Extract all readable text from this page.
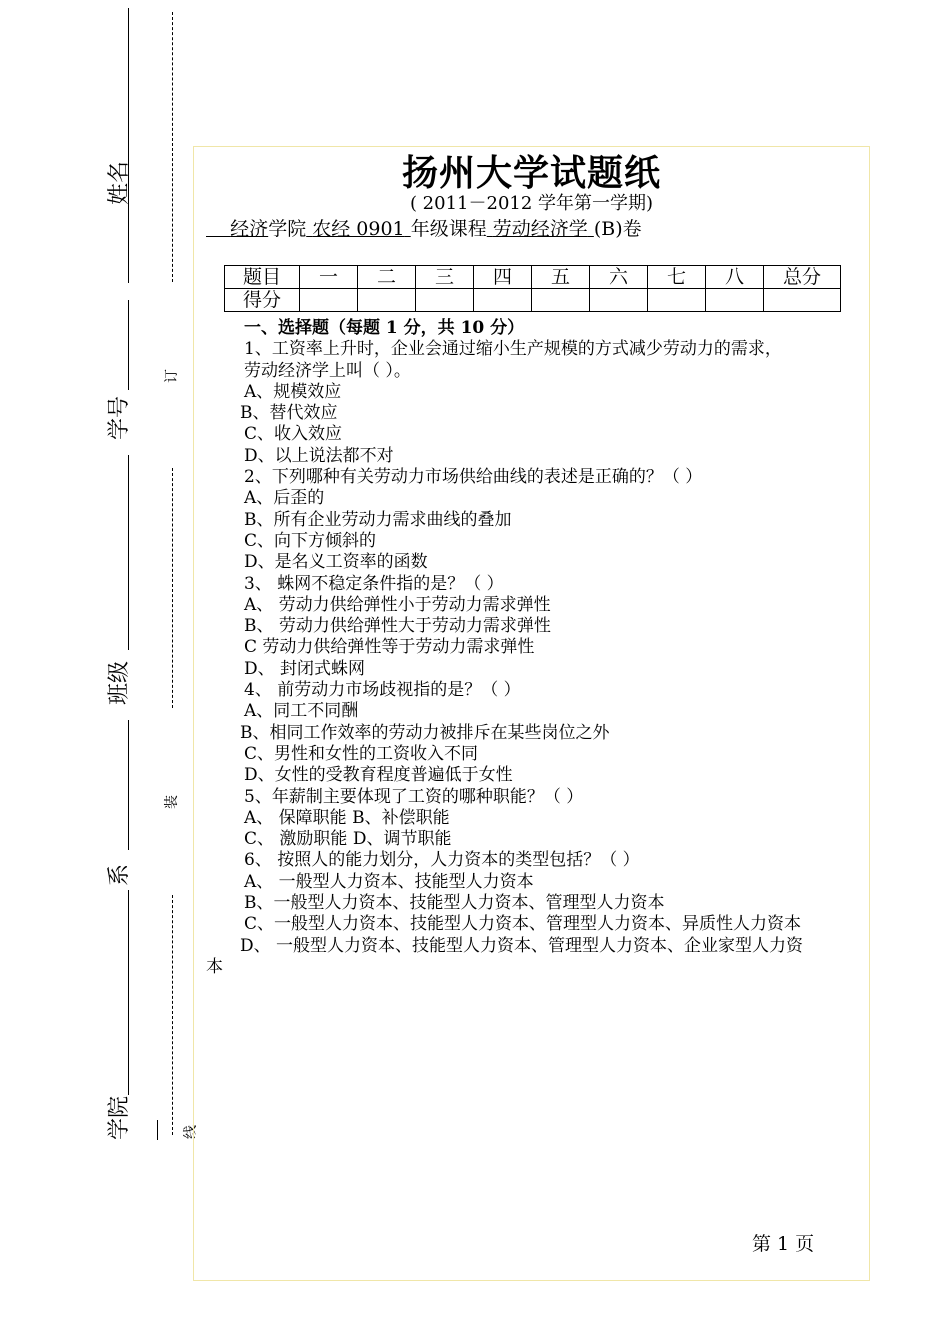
姓名
学号
订
班级
装
系
学院	线
扬州大学试题纸
( 2011－2012 学年第一学期)
经济学院 农经 0901 年级课程 劳动经济学 (B)卷
题目	一	二	三	四	五	六	七	八	总分
得分									

一、选择题（每题 1 分，共 10 分）

1、工资率上升时，企业会通过缩小生产规模的方式减少劳动力的需求，

劳动经济学上叫（ ）。

A、规模效应

B、替代效应

C、收入效应

D、以上说法都不对

2、下列哪种有关劳动力市场供给曲线的表述是正确的？（ ）

A、后歪的

B、所有企业劳动力需求曲线的叠加

C、向下方倾斜的

D、是名义工资率的函数

3、 蛛网不稳定条件指的是？（ ）

A、 劳动力供给弹性小于劳动力需求弹性

B、 劳动力供给弹性大于劳动力需求弹性

C 劳动力供给弹性等于劳动力需求弹性

D、 封闭式蛛网

4、 前劳动力市场歧视指的是？（ ）

A、同工不同酬

B、相同工作效率的劳动力被排斥在某些岗位之外

C、男性和女性的工资收入不同

D、女性的受教育程度普遍低于女性

5、年薪制主要体现了工资的哪种职能？（ ）

A、 保障职能 B、补偿职能

C、 激励职能 D、调节职能

6、 按照人的能力划分，人力资本的类型包括？（ ）

A、 一般型人力资本、技能型人力资本

B、一般型人力资本、技能型人力资本、管理型人力资本

C、一般型人力资本、技能型人力资本、管理型人力资本、异质性人力资本

D、 一般型人力资本、技能型人力资本、管理型人力资本、企业家型人力资

本

第 1 页
